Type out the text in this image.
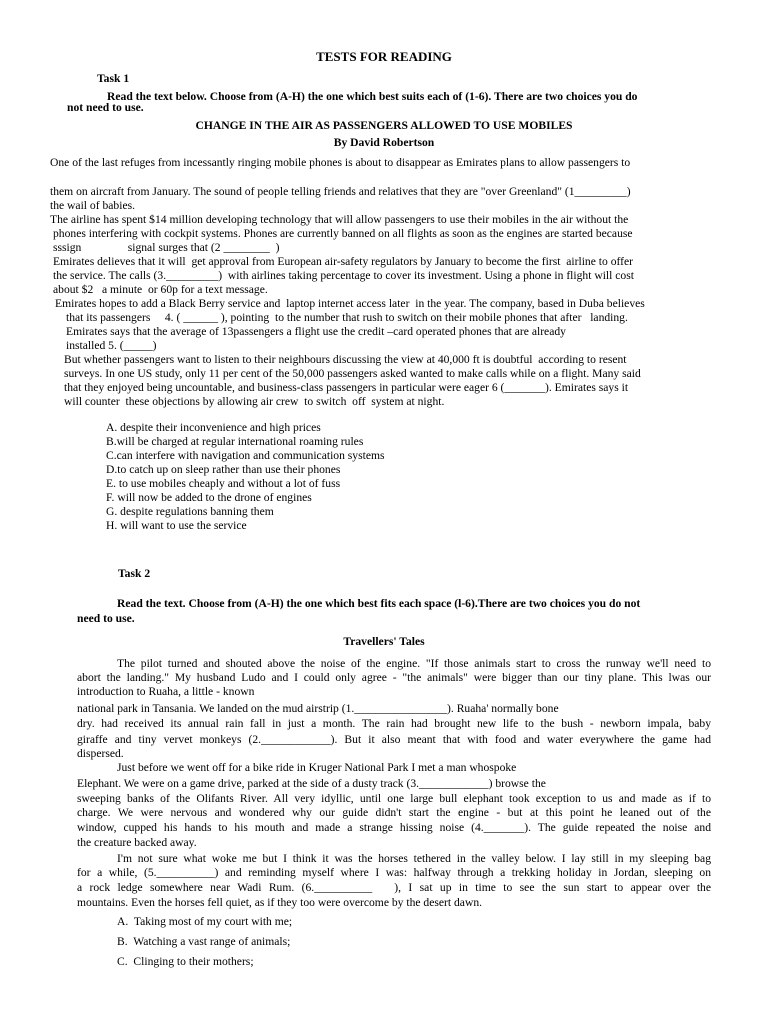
TESTS FOR READING
Task 1
Read the text below. Choose from (A-H) the one which best suits each of (1-6). There are two choices you do
not need to use.
CHANGE IN THE AIR AS PASSENGERS ALLOWED TO USE MOBILES
By David Robertson
One of the last refuges from incessantly ringing mobile phones is about to disappear as Emirates plans to allow passengers to
them on aircraft from January. The sound of people telling friends and relatives that they are "over Greenland" (1_________)
the wail of babies.
The airline has spent $14 million developing technology that will allow passengers to use their mobiles in the air without the
phones interfering with cockpit systems. Phones are currently banned on all flights as soon as the engines are started because
sssign                signal surges that (2 ________  )
Emirates delieves that it will  get approval from European air-safety regulators by January to become the first  airline to offer
the service. The calls (3._________)  with airlines taking percentage to cover its investment. Using a phone in flight will cost
about $2   a minute  or 60p for a text message.
Emirates hopes to add a Black Berry service and  laptop internet access later  in the year. The company, based in Duba believes
that its passengers     4. ( ______ ), pointing  to the number that rush to switch on their mobile phones that after   landing.
Emirates says that the average of 13passengers a flight use the credit –card operated phones that are already
installed 5. (_____)
But whether passengers want to listen to their neighbours discussing the view at 40,000 ft is doubtful  according to resent
surveys. In one US study, only 11 per cent of the 50,000 passengers asked wanted to make calls while on a flight. Many said
that they enjoyed being uncountable, and business-class passengers in particular were eager 6 (_______). Emirates says it
will counter  these objections by allowing air crew  to switch  off  system at night.
A. despite their inconvenience and high prices
B.will be charged at regular international roaming rules
C.can interfere with navigation and communication systems
D.to catch up on sleep rather than use their phones
E. to use mobiles cheaply and without a lot of fuss
F. will now be added to the drone of engines
G. despite regulations banning them
H. will want to use the service
Task 2
Read the text. Choose from (A-H) the one which best fits each space (l-6).There are two choices you do not
need to use.
Travellers' Tales
The pilot turned and shouted above the noise of the engine. "If those animals start to cross the runway we'll need to
abort the landing." My husband Ludo and I could only agree - "the animals" were bigger than our tiny plane. This lwas our
introduction to Ruaha, a little - known
national park in Tansania. We landed on the mud airstrip (1.________________). Ruaha' normally bone
dry. had received its annual rain fall in just a month. The rain had brought new life to the bush - newborn impala, baby
giraffe and tiny vervet monkeys (2.____________). But it also meant that with food and water everywhere the game had
dispersed.
Just before we went off for a bike ride in Kruger National Park I met a man whospoke
Elephant. We were on a game drive, parked at the side of a dusty track (3.____________) browse the
sweeping banks of the Olifants River. All very idyllic, until one large bull elephant took exception to us and made as if to
charge. We were nervous and wondered why our guide didn't start the engine - but at this point he leaned out of the
window, cupped his hands to his mouth and made a strange hissing noise (4._______). The guide repeated the noise and
the creature backed away.
I'm not sure what woke me but I think it was the horses tethered in the valley below. I lay still in my sleeping bag
for a while, (5.__________) and reminding myself where I was: halfway through a trekking holiday in Jordan, sleeping on
a rock ledge somewhere near Wadi Rum. (6.__________   ), I sat up in time to see the sun start to appear over the
mountains. Even the horses fell quiet, as if they too were overcome by the desert dawn.
A.  Taking most of my court with me;
B.  Watching a vast range of animals;
C.  Clinging to their mothers;
